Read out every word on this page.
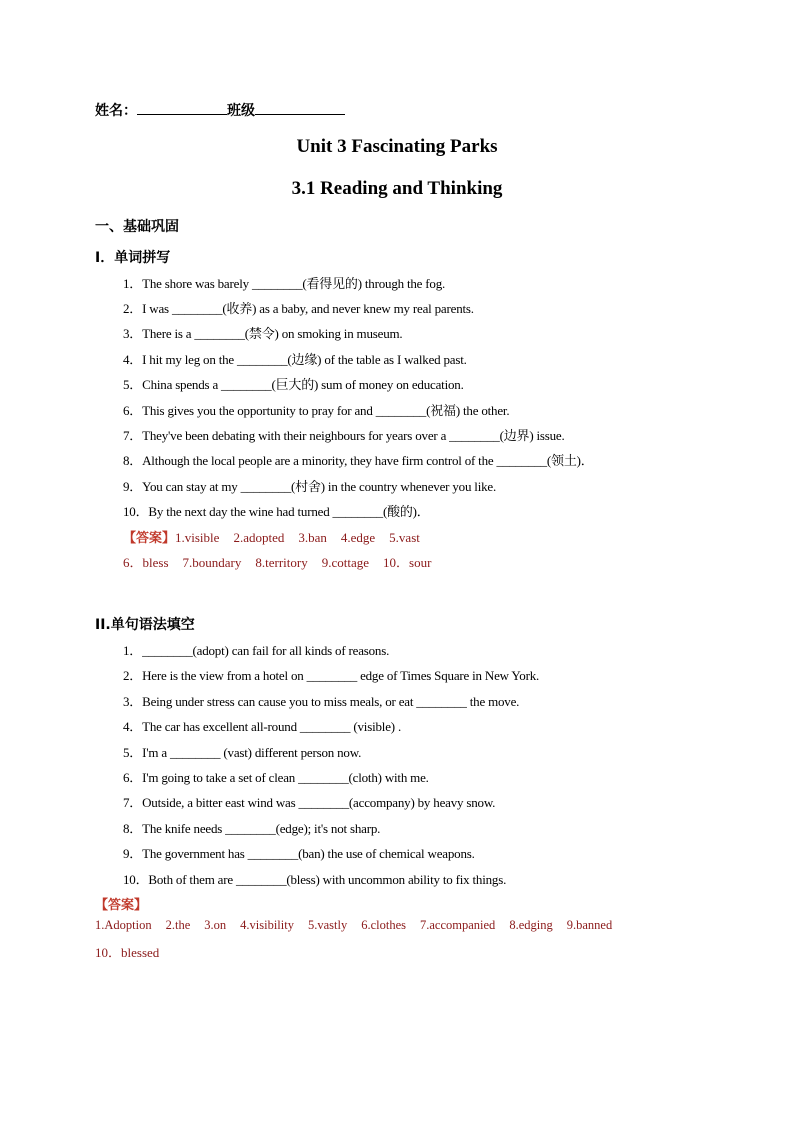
姓名：	班级
Unit 3 Fascinating Parks
3.1 Reading and Thinking
一、基础巩固
I．单词拼写
1．The shore was barely ________(看得见的) through the fog.
2．I was ________(收养) as a baby, and never knew my real parents.
3．There is a ________(禁令) on smoking in museum.
4．I hit my leg on the ________(边缘) of the table as I walked past.
5．China spends a ________(巨大的) sum of money on education.
6．This gives you the opportunity to pray for and ________(祝福) the other.
7．They've been debating with their neighbours for years over a ________(边界) issue.
8．Although the local people are a minority, they have firm control of the ________(领土)．
9．You can stay at my ________(村舍) in the country whenever you like.
10．By the next day the wine had turned ________(酸的)．
【答案】1.visible 2.adopted 3.ban 4.edge 5.vast
6．bless 7.boundary 8.territory 9.cottage 10．sour
II.单句语法填空
1．________(adopt) can fail for all kinds of reasons.
2．Here is the view from a hotel on ________ edge of Times Square in New York.
3．Being under stress can cause you to miss meals, or eat ________ the move.
4．The car has excellent all-round ________ (visible) .
5．I'm a ________ (vast) different person now.
6．I'm going to take a set of clean ________(cloth) with me.
7．Outside, a bitter east wind was ________(accompany) by heavy snow.
8．The knife needs ________(edge); it's not sharp.
9．The government has ________(ban) the use of chemical weapons.
10．Both of them are ________(bless) with uncommon ability to fix things.
【答案】
1.Adoption 2.the 3.on 4.visibility 5.vastly 6.clothes 7.accompanied 8.edging 9.banned
10．blessed
